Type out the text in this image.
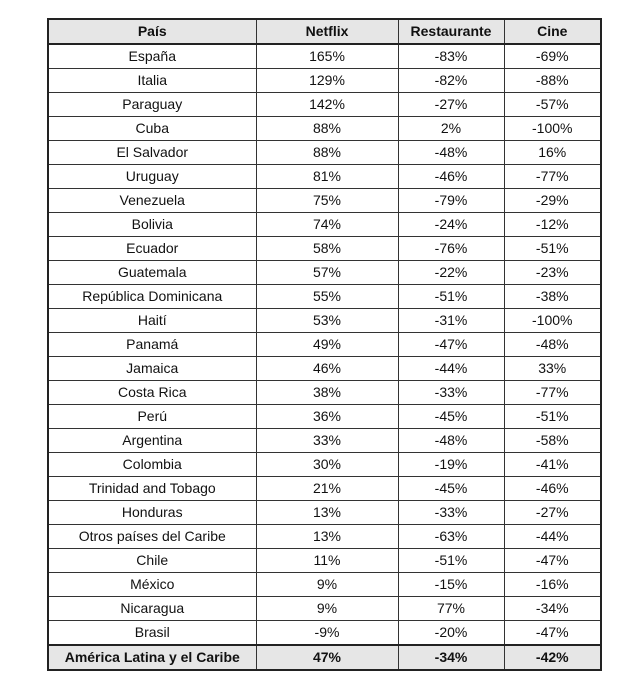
País	Netflix	Restaurante	Cine
España	165%	-83%	-69%
Italia	129%	-82%	-88%
Paraguay	142%	-27%	-57%
Cuba	88%	2%	-100%
El Salvador	88%	-48%	16%
Uruguay	81%	-46%	-77%
Venezuela	75%	-79%	-29%
Bolivia	74%	-24%	-12%
Ecuador	58%	-76%	-51%
Guatemala	57%	-22%	-23%
República Dominicana	55%	-51%	-38%
Haití	53%	-31%	-100%
Panamá	49%	-47%	-48%
Jamaica	46%	-44%	33%
Costa Rica	38%	-33%	-77%
Perú	36%	-45%	-51%
Argentina	33%	-48%	-58%
Colombia	30%	-19%	-41%
Trinidad and Tobago	21%	-45%	-46%
Honduras	13%	-33%	-27%
Otros países del Caribe	13%	-63%	-44%
Chile	11%	-51%	-47%
México	9%	-15%	-16%
Nicaragua	9%	77%	-34%
Brasil	-9%	-20%	-47%
América Latina y el Caribe	47%	-34%	-42%
